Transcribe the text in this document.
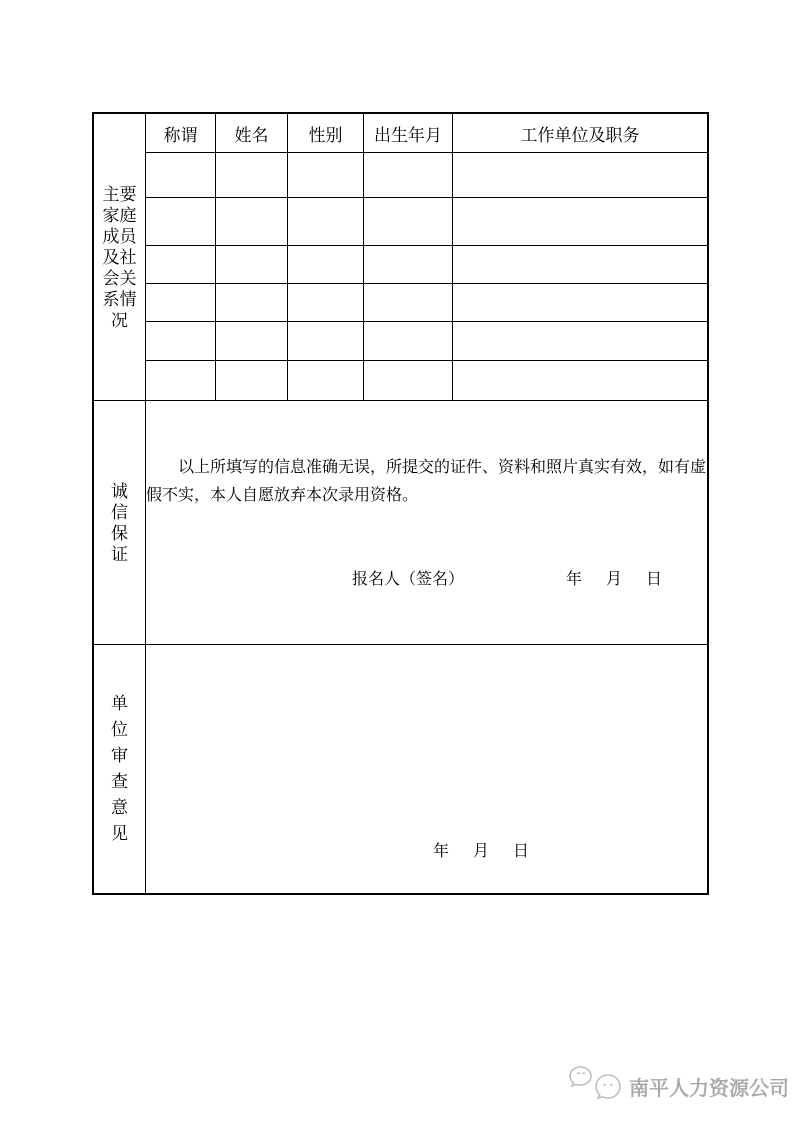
主要家庭成员及社会关系情况
称谓	姓名	性别	出生年月	工作单位及职务
诚信保证
以上所填写的信息准确无误，所提交的证件、资料和照片真实有效，如有虚
假不实，本人自愿放弃本次录用资格。
报名人（签名）	年　月　日
单位审查意见
年　月　日
南平人力资源公司
